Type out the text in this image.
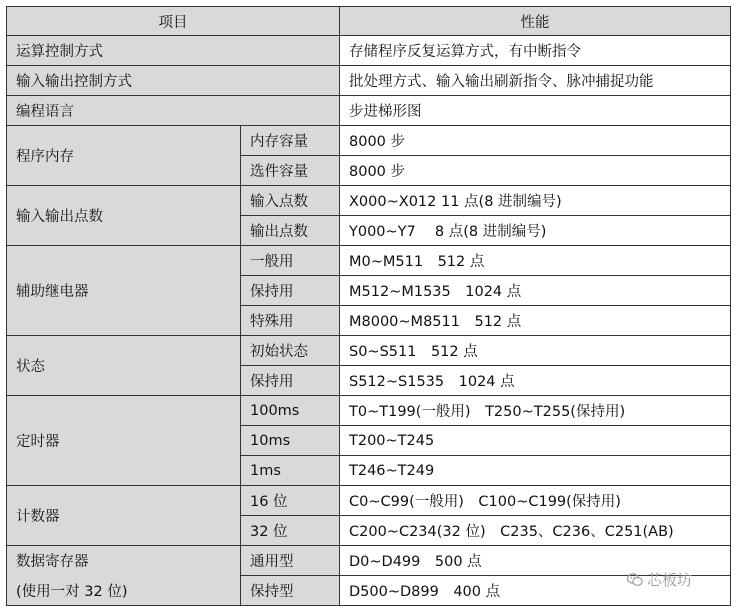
项目		性能
运算控制方式		存储程序反复运算方式，有中断指令
输入输出控制方式		批处理方式、输入输出刷新指令、脉冲捕捉功能
编程语言		步进梯形图
程序内存	内存容量	8000 步
	选件容量	8000 步
输入输出点数	输入点数	X000~X012 11 点(8 进制编号)
	输出点数	Y000~Y7　 8 点(8 进制编号)
辅助继电器	一般用	M0~M511　512 点
	保持用	M512~M1535　1024 点
	特殊用	M8000~M8511　512 点
状态	初始状态	S0~S511　512 点
	保持用	S512~S1535　1024 点
定时器	100ms	T0~T199(一般用)　T250~T255(保持用)
	10ms	T200~T245
	1ms	T246~T249
计数器	16 位	C0~C99(一般用)　C100~C199(保持用)
	32 位	C200~C234(32 位)　C235、C236、C251(AB)

数据寄存器
(使用一对 32 位)	通用型	D0~D499　500 点
	保持型	D500~D899　400 点
芯板坊
